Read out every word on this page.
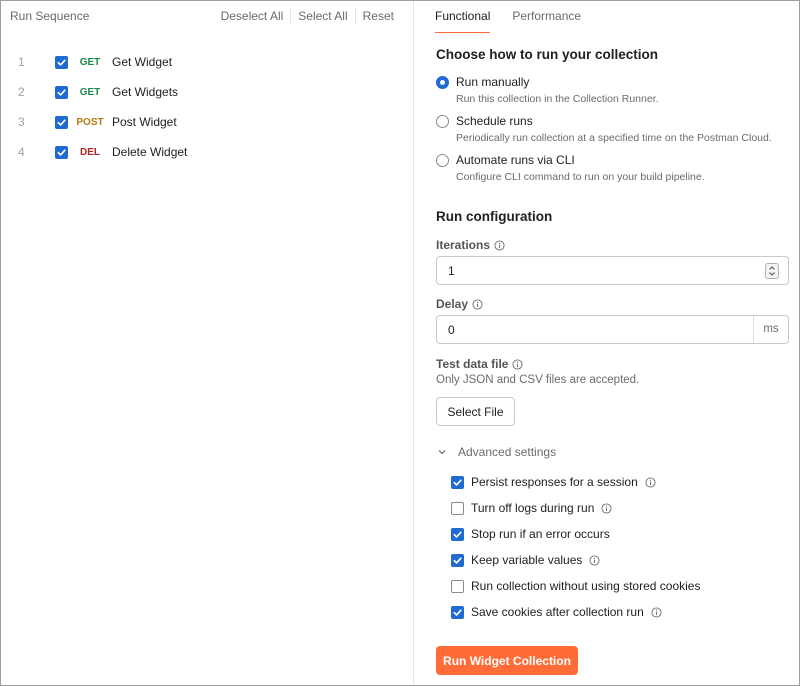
Run Sequence	Deselect All Select All Reset
1	GET Get Widget
2	GET Get Widgets
3	POST Post Widget
4	DEL	Delete Widget
Functional Performance
Choose how to run your collection
Run manually
Run this collection in the Collection Runner.
Schedule runs
Periodically run collection at a specified time on the Postman Cloud.
Automate runs via CLI
Configure CLI command to run on your build pipeline.
Run configuration
Iterations
1
Delay
0
ms
Test data file
Only JSON and CSV files are accepted.
Select File
Advanced settings
Persist responses for a session
Turn off logs during run
Stop run if an error occurs
Keep variable values
Run collection without using stored cookies
Save cookies after collection run
Run Widget Collection
